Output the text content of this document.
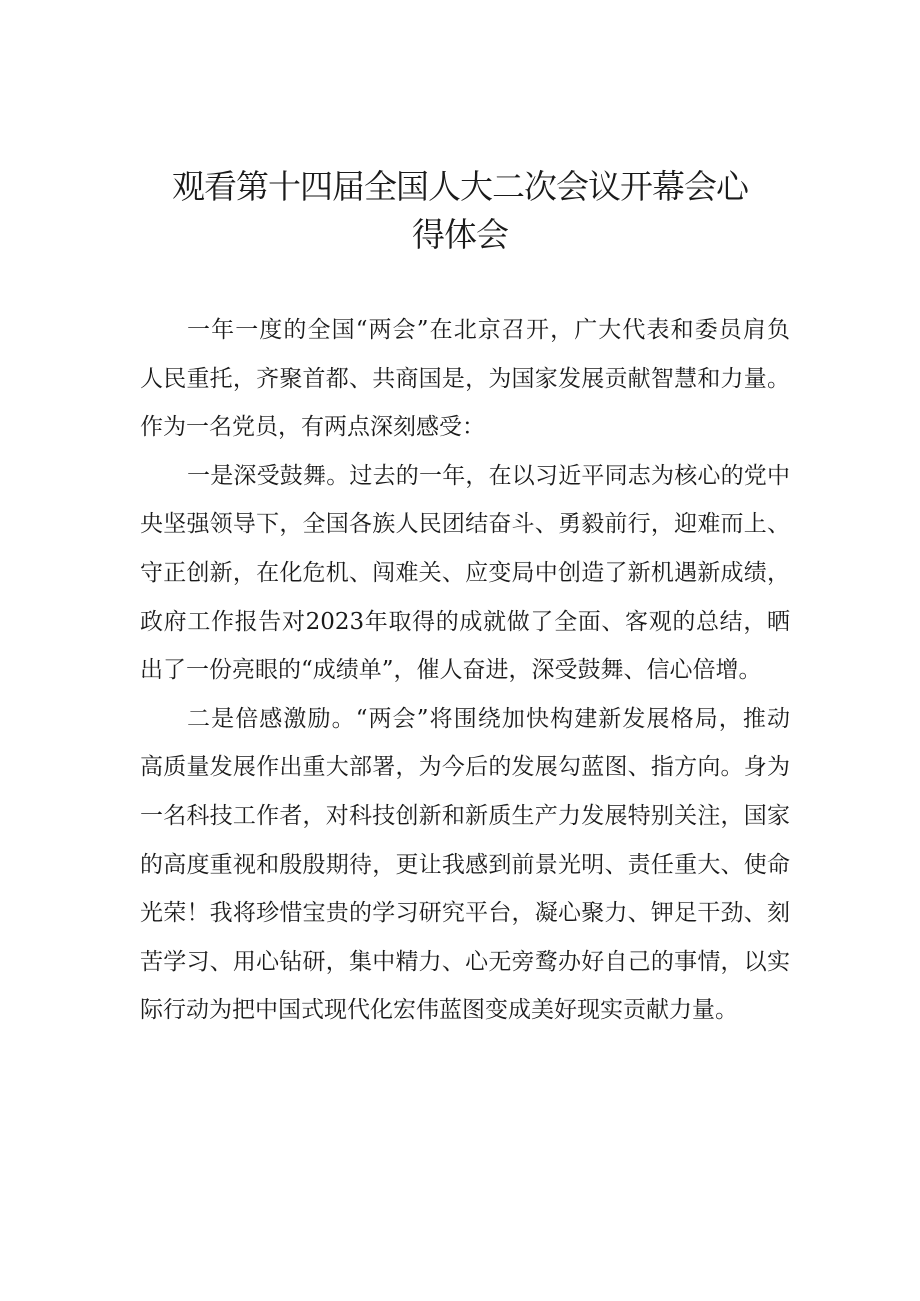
观看第十四届全国人大二次会议开幕会心
得体会

一年一度的全国“两会”在北京召开，广大代表和委员肩负
人民重托，齐聚首都、共商国是，为国家发展贡献智慧和力量。
作为一名党员，有两点深刻感受：

一是深受鼓舞。过去的一年，在以习近平同志为核心的党中
央坚强领导下，全国各族人民团结奋斗、勇毅前行，迎难而上、
守正创新，在化危机、闯难关、应变局中创造了新机遇新成绩，
政府工作报告对2023年取得的成就做了全面、客观的总结，晒
出了一份亮眼的“成绩单”，催人奋进，深受鼓舞、信心倍增。

二是倍感激励。“两会”将围绕加快构建新发展格局，推动
高质量发展作出重大部署，为今后的发展勾蓝图、指方向。身为
一名科技工作者，对科技创新和新质生产力发展特别关注，国家
的高度重视和殷殷期待，更让我感到前景光明、责任重大、使命
光荣！我将珍惜宝贵的学习研究平台，凝心聚力、钾足干劲、刻
苦学习、用心钻研，集中精力、心无旁鹜办好自己的事情，以实
际行动为把中国式现代化宏伟蓝图变成美好现实贡献力量。
